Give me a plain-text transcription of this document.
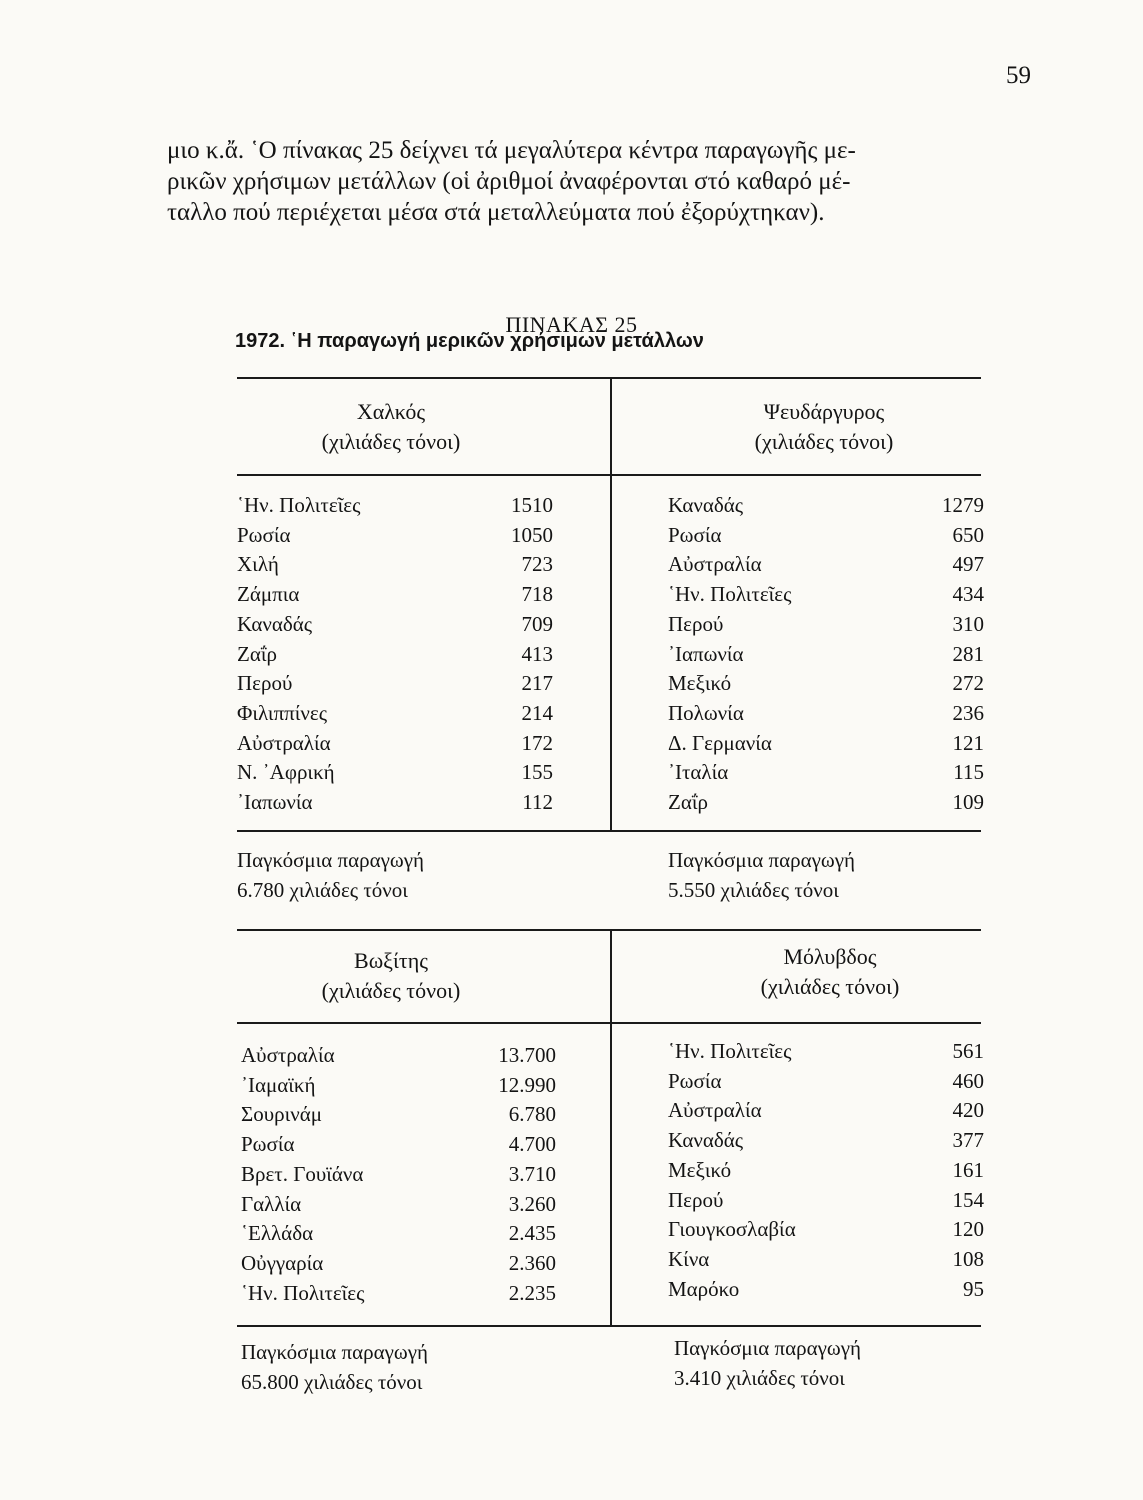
59
μιο κ.ἄ. ῾Ο πίνακας 25 δείχνει τά μεγαλύτερα κέντρα παραγωγῆς με-
ρικῶν χρήσιμων μετάλλων (οἱ ἀριθμοί ἀναφέρονται στό καθαρό μέ-
ταλλο πού περιέχεται μέσα στά μεταλλεύματα πού ἐξορύχτηκαν).
ΠΙΝΑΚΑΣ 25
1972. ῾Η παραγωγή μερικῶν χρήσιμων μετάλλων
Χαλκός
(χιλιάδες τόνοι)
Ψευδάργυρος
(χιλιάδες τόνοι)
῾Ην. Πολιτεῖες	1510
Ρωσία	1050
Χιλή	723
Ζάμπια	718
Καναδάς	709
Ζαΐρ	413
Περού	217
Φιλιππίνες	214
Αὐστραλία	172
Ν. ᾿Αφρική	155
᾿Ιαπωνία	112
Καναδάς	1279
Ρωσία	650
Αὐστραλία	497
῾Ην. Πολιτεῖες	434
Περού	310
᾿Ιαπωνία	281
Μεξικό	272
Πολωνία	236
Δ. Γερμανία	121
᾿Ιταλία	115
Ζαΐρ	109
Παγκόσμια παραγωγή
6.780 χιλιάδες τόνοι
Παγκόσμια παραγωγή
5.550 χιλιάδες τόνοι
Βωξίτης
(χιλιάδες τόνοι)
Μόλυβδος
(χιλιάδες τόνοι)
Αὐστραλία	13.700
᾿Ιαμαϊκή	12.990
Σουρινάμ	6.780
Ρωσία	4.700
Βρετ. Γουϊάνα	3.710
Γαλλία	3.260
῾Ελλάδα	2.435
Οὐγγαρία	2.360
῾Ην. Πολιτεῖες	2.235
῾Ην. Πολιτεῖες	561
Ρωσία	460
Αὐστραλία	420
Καναδάς	377
Μεξικό	161
Περού	154
Γιουγκοσλαβία	120
Κίνα	108
Μαρόκο	95
Παγκόσμια παραγωγή
65.800 χιλιάδες τόνοι
Παγκόσμια παραγωγή
3.410 χιλιάδες τόνοι
